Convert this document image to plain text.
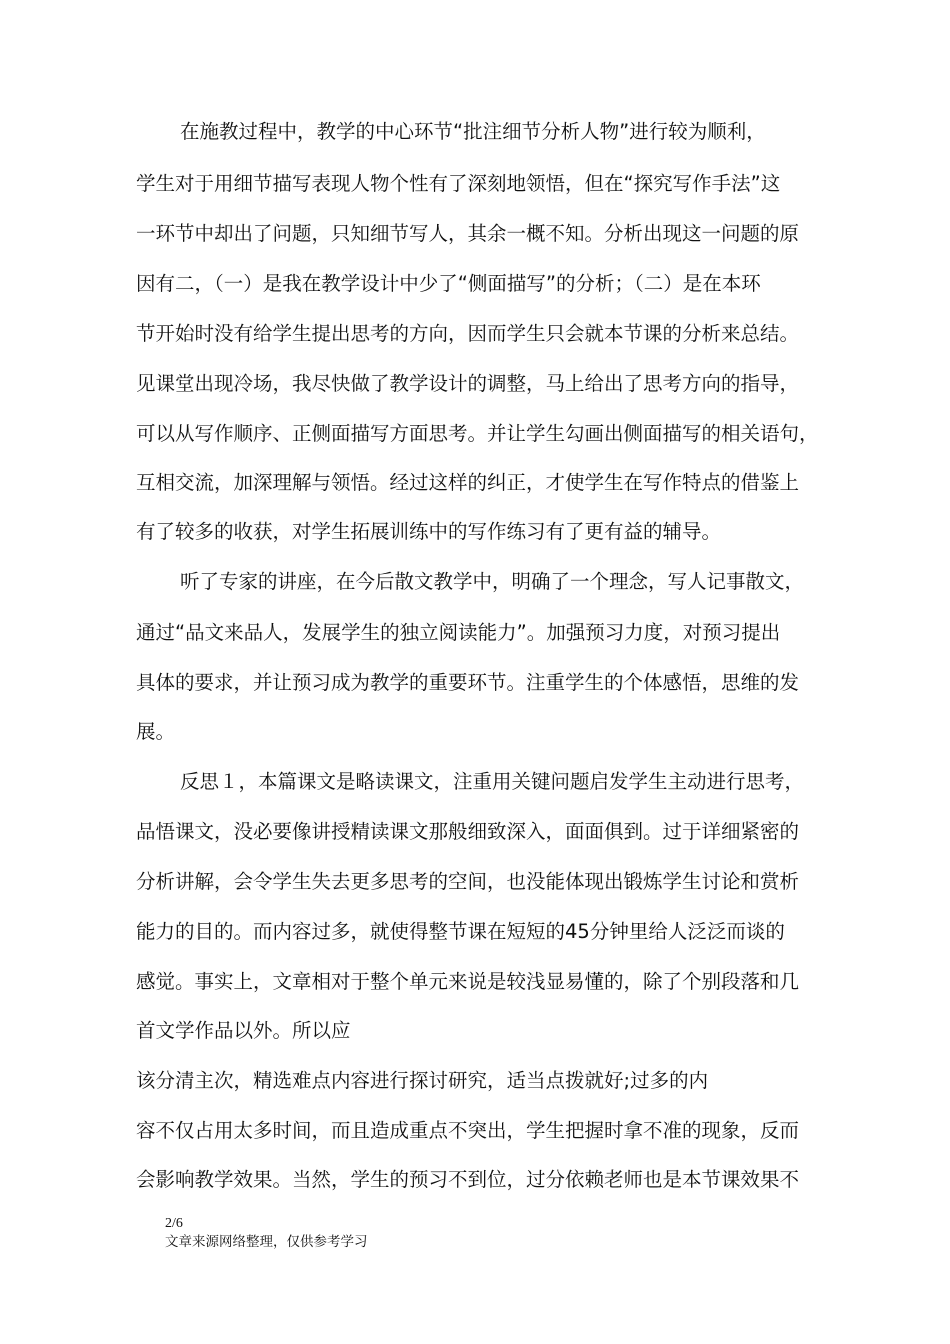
在施教过程中，教学的中心环节“批注细节分析人物”进行较为顺利，
学生对于用细节描写表现人物个性有了深刻地领悟，但在“探究写作手法”这
一环节中却出了问题，只知细节写人，其余一概不知。分析出现这一问题的原
因有二，（一）是我在教学设计中少了“侧面描写”的分析；（二）是在本环
节开始时没有给学生提出思考的方向，因而学生只会就本节课的分析来总结。
见课堂出现冷场，我尽快做了教学设计的调整，马上给出了思考方向的指导，
可以从写作顺序、正侧面描写方面思考。并让学生勾画出侧面描写的相关语句，
互相交流，加深理解与领悟。经过这样的纠正，才使学生在写作特点的借鉴上
有了较多的收获，对学生拓展训练中的写作练习有了更有益的辅导。
听了专家的讲座，在今后散文教学中，明确了一个理念，写人记事散文，
通过“品文来品人，发展学生的独立阅读能力”。加强预习力度，对预习提出
具体的要求，并让预习成为教学的重要环节。注重学生的个体感悟，思维的发
展。
反思１，本篇课文是略读课文，注重用关键问题启发学生主动进行思考，
品悟课文，没必要像讲授精读课文那般细致深入，面面俱到。过于详细紧密的
分析讲解，会令学生失去更多思考的空间，也没能体现出锻炼学生讨论和赏析
能力的目的。而内容过多，就使得整节课在短短的45分钟里给人泛泛而谈的
感觉。事实上，文章相对于整个单元来说是较浅显易懂的，除了个别段落和几
首文学作品以外。所以应
该分清主次，精选难点内容进行探讨研究，适当点拨就好;过多的内
容不仅占用太多时间，而且造成重点不突出，学生把握时拿不准的现象，反而
会影响教学效果。当然，学生的预习不到位，过分依赖老师也是本节课效果不
2/6
文章来源网络整理，仅供参考学习
